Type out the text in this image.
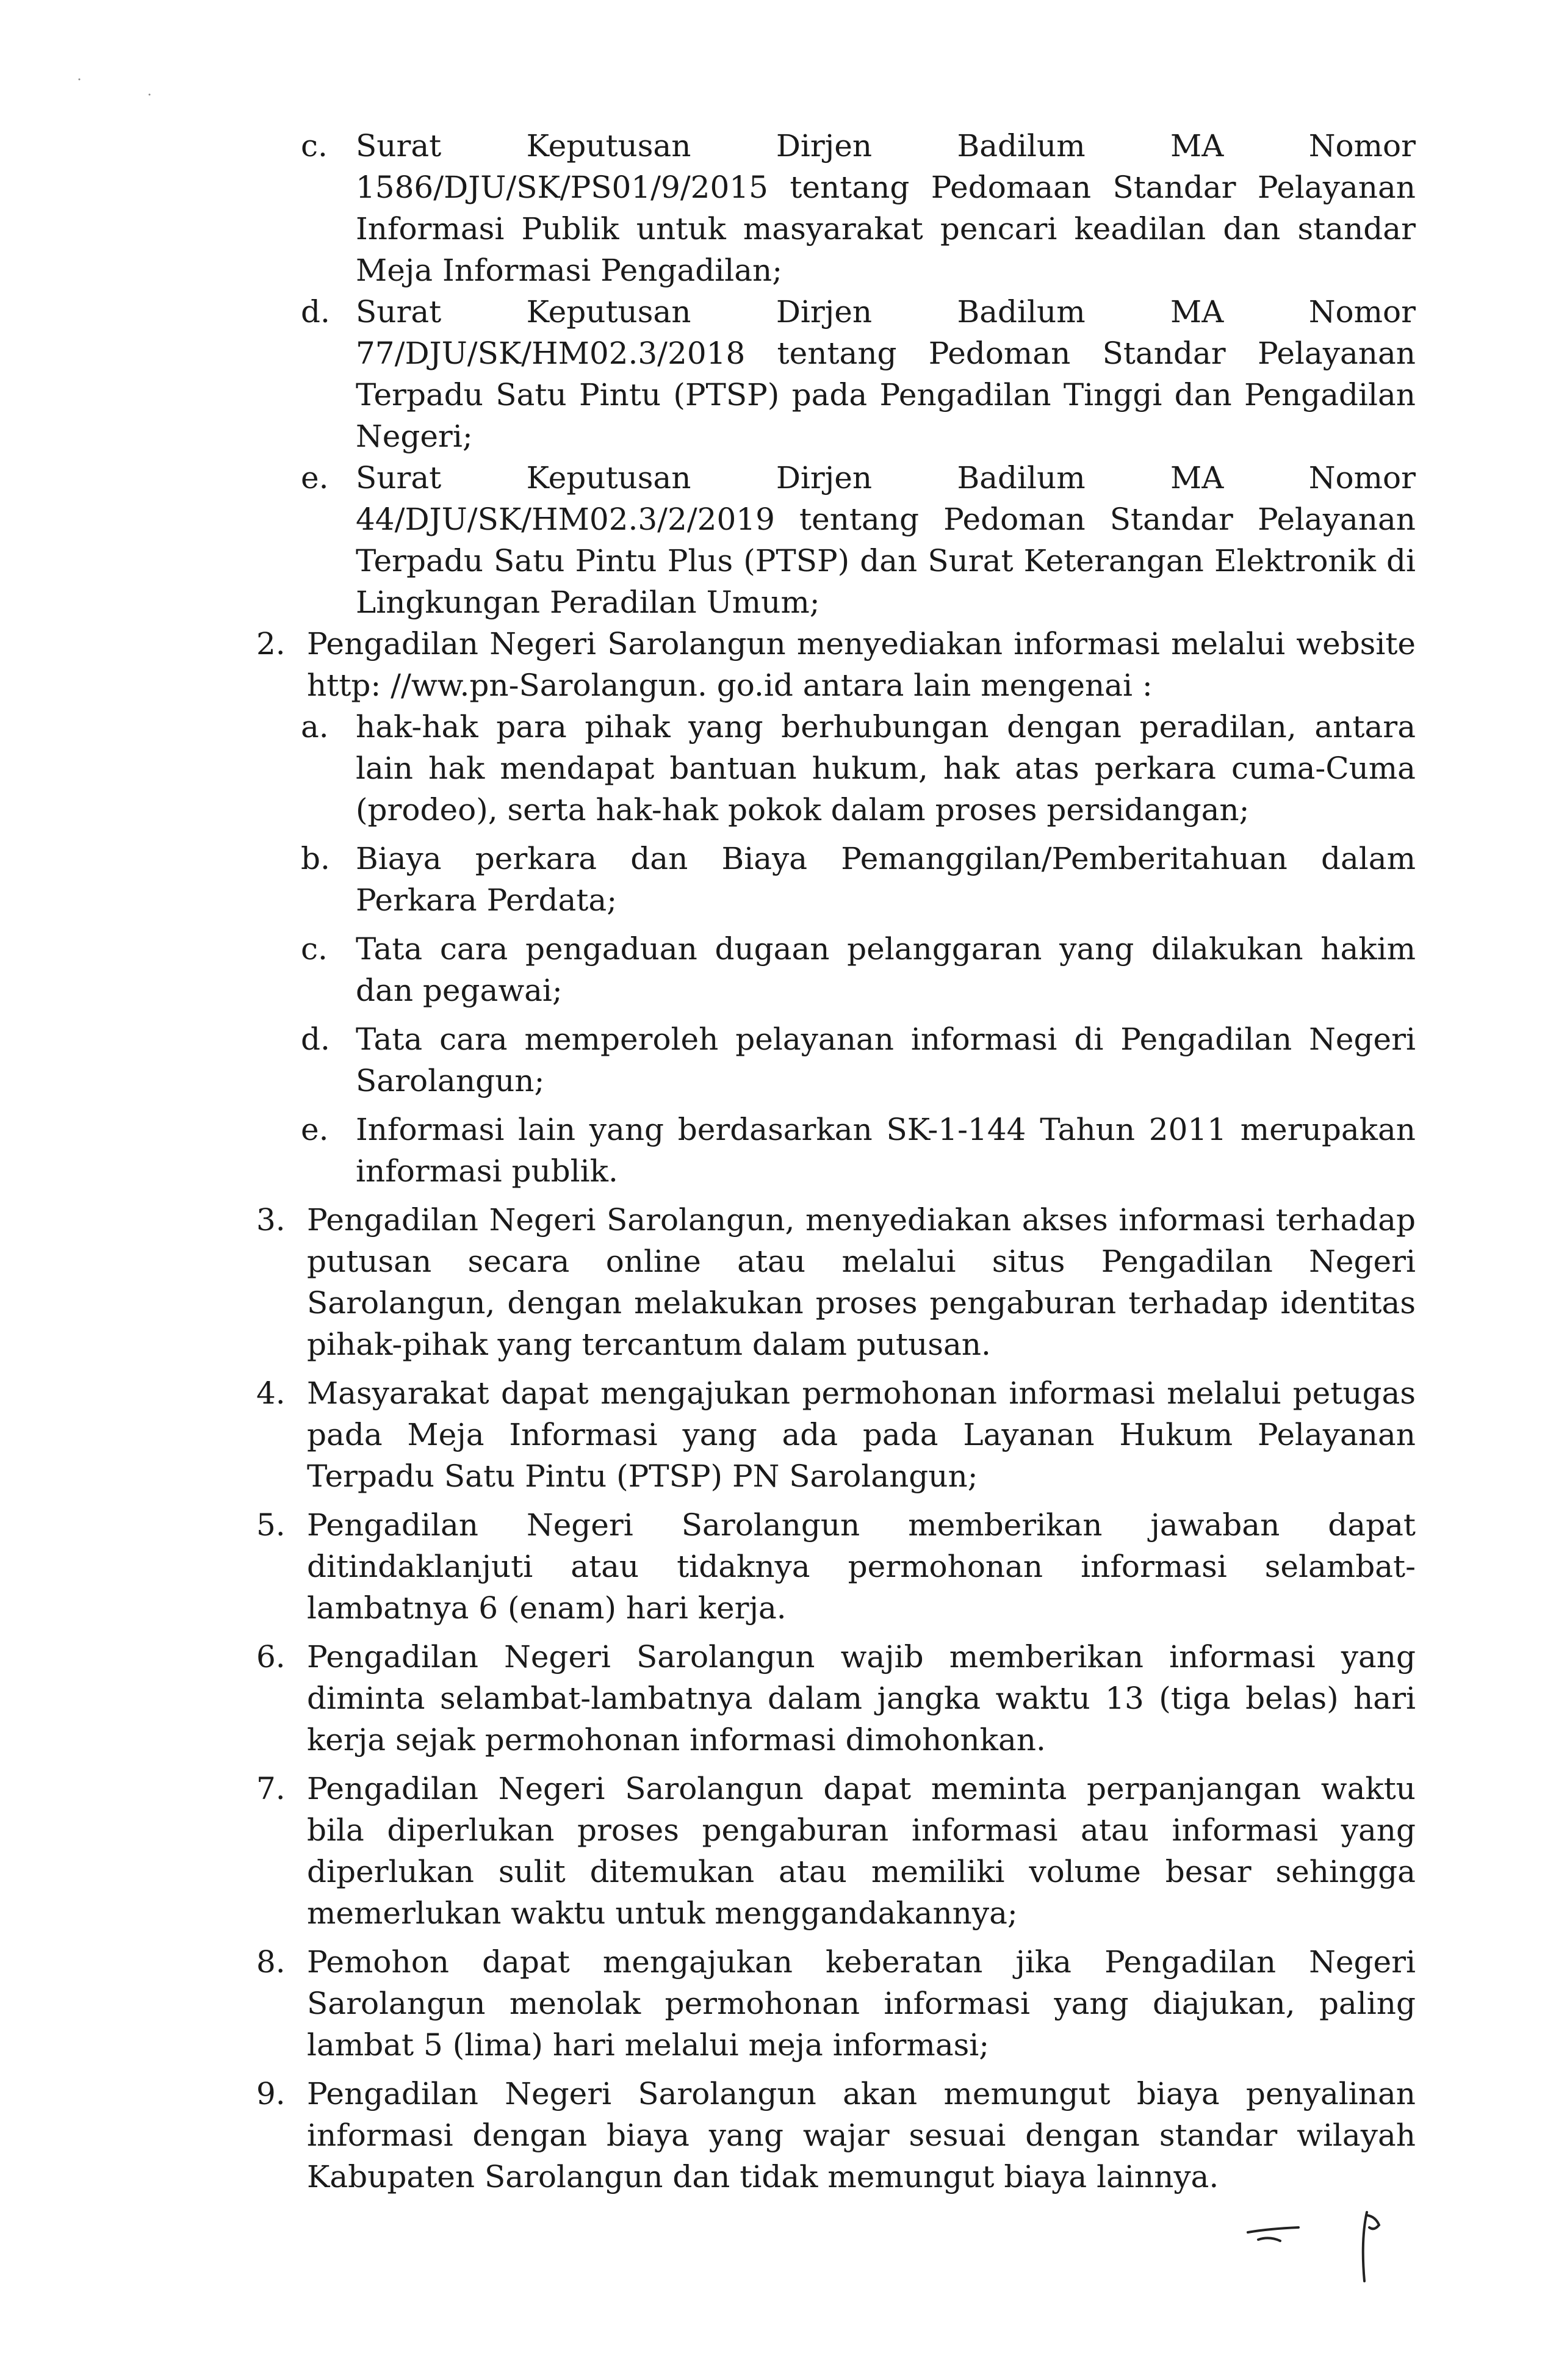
c. Surat Keputusan Dirjen Badilum MA Nomor 1586/DJU/SK/PS01/9/2015 tentang Pedomaan Standar Pelayanan Informasi Publik untuk masyarakat pencari keadilan dan standar Meja Informasi Pengadilan;
d. Surat Keputusan Dirjen Badilum MA Nomor 77/DJU/SK/HM02.3/2018 tentang Pedoman Standar Pelayanan Terpadu Satu Pintu (PTSP) pada Pengadilan Tinggi dan Pengadilan Negeri;
e. Surat Keputusan Dirjen Badilum MA Nomor 44/DJU/SK/HM02.3/2/2019 tentang Pedoman Standar Pelayanan Terpadu Satu Pintu Plus (PTSP) dan Surat Keterangan Elektronik di Lingkungan Peradilan Umum;
2. Pengadilan Negeri Sarolangun menyediakan informasi melalui website http: //ww.pn-Sarolangun. go.id antara lain mengenai :
a. hak-hak para pihak yang berhubungan dengan peradilan, antara lain hak mendapat bantuan hukum, hak atas perkara cuma-Cuma (prodeo), serta hak-hak pokok dalam proses persidangan;
b. Biaya perkara dan Biaya Pemanggilan/Pemberitahuan dalam Perkara Perdata;
c. Tata cara pengaduan dugaan pelanggaran yang dilakukan hakim dan pegawai;
d. Tata cara memperoleh pelayanan informasi di Pengadilan Negeri Sarolangun;
e. Informasi lain yang berdasarkan SK-1-144 Tahun 2011 merupakan informasi publik.
3. Pengadilan Negeri Sarolangun, menyediakan akses informasi terhadap putusan secara online atau melalui situs Pengadilan Negeri Sarolangun, dengan melakukan proses pengaburan terhadap identitas pihak-pihak yang tercantum dalam putusan.
4. Masyarakat dapat mengajukan permohonan informasi melalui petugas pada Meja Informasi yang ada pada Layanan Hukum Pelayanan Terpadu Satu Pintu (PTSP) PN Sarolangun;
5. Pengadilan Negeri Sarolangun memberikan jawaban dapat ditindaklanjuti atau tidaknya permohonan informasi selambat-lambatnya 6 (enam) hari kerja.
6. Pengadilan Negeri Sarolangun wajib memberikan informasi yang diminta selambat-lambatnya dalam jangka waktu 13 (tiga belas) hari kerja sejak permohonan informasi dimohonkan.
7. Pengadilan Negeri Sarolangun dapat meminta perpanjangan waktu bila diperlukan proses pengaburan informasi atau informasi yang diperlukan sulit ditemukan atau memiliki volume besar sehingga memerlukan waktu untuk menggandakannya;
8. Pemohon dapat mengajukan keberatan jika Pengadilan Negeri Sarolangun menolak permohonan informasi yang diajukan, paling lambat 5 (lima) hari melalui meja informasi;
9. Pengadilan Negeri Sarolangun akan memungut biaya penyalinan informasi dengan biaya yang wajar sesuai dengan standar wilayah Kabupaten Sarolangun dan tidak memungut biaya lainnya.
